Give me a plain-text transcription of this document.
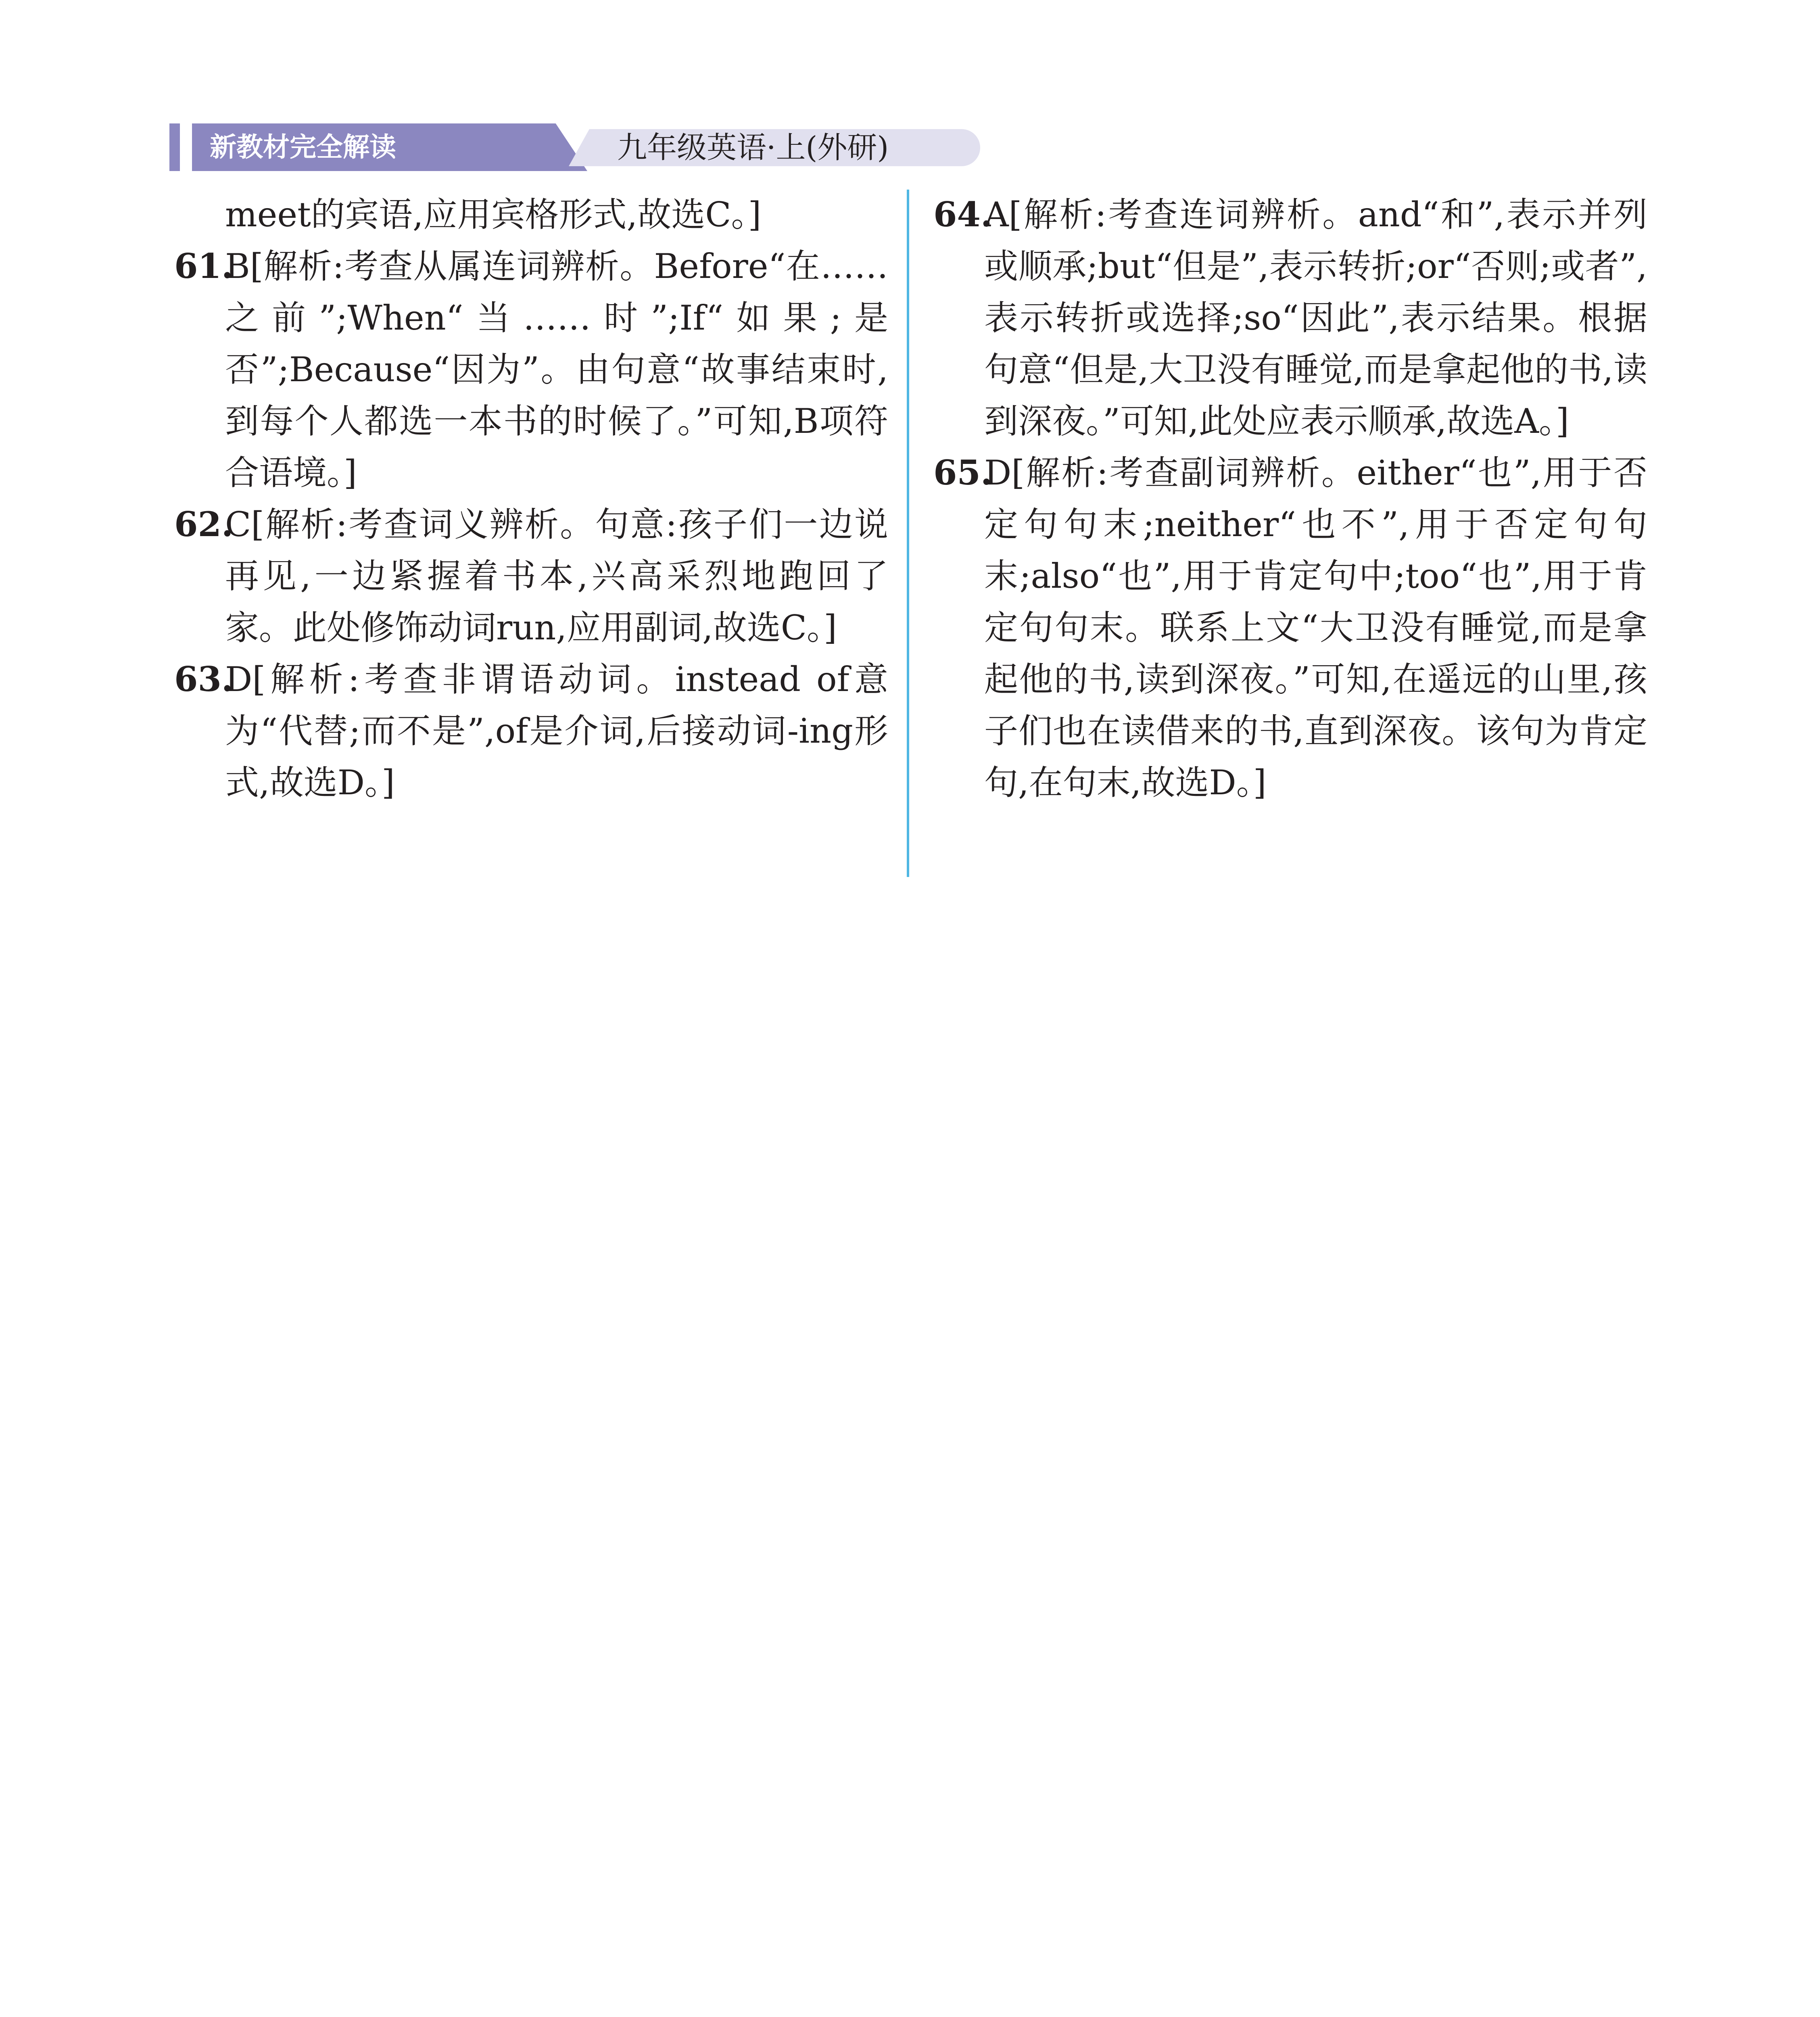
新教材完全解读	九年级英语·上(外研)

meet的宾语,应用宾格形式,故选C。]

61.
B[解析:考查从属连词辨析。Before“在……之前”;When“当……时”;If“如果;是否”;Because“因为”。由句意“故事结束时,到每个人都选一本书的时候了。”可知,B项符合语境。]
62.
C[解析:考查词义辨析。句意:孩子们一边说再见,一边紧握着书本,兴高采烈地跑回了家。此处修饰动词run,应用副词,故选C。]
63.
D[解析:考查非谓语动词。instead of意为“代替;而不是”,of是介词,后接动词-ing形式,故选D。]
64.
A[解析:考查连词辨析。and“和”,表示并列或顺承;but“但是”,表示转折;or“否则;或者”,表示转折或选择;so“因此”,表示结果。根据句意“但是,大卫没有睡觉,而是拿起他的书,读到深夜。”可知,此处应表示顺承,故选A。]
65.
D[解析:考查副词辨析。either“也”,用于否定句句末;neither“也不”,用于否定句句末;also“也”,用于肯定句中;too“也”,用于肯定句句末。联系上文“大卫没有睡觉,而是拿起他的书,读到深夜。”可知,在遥远的山里,孩子们也在读借来的书,直到深夜。该句为肯定句,在句末,故选D。]
